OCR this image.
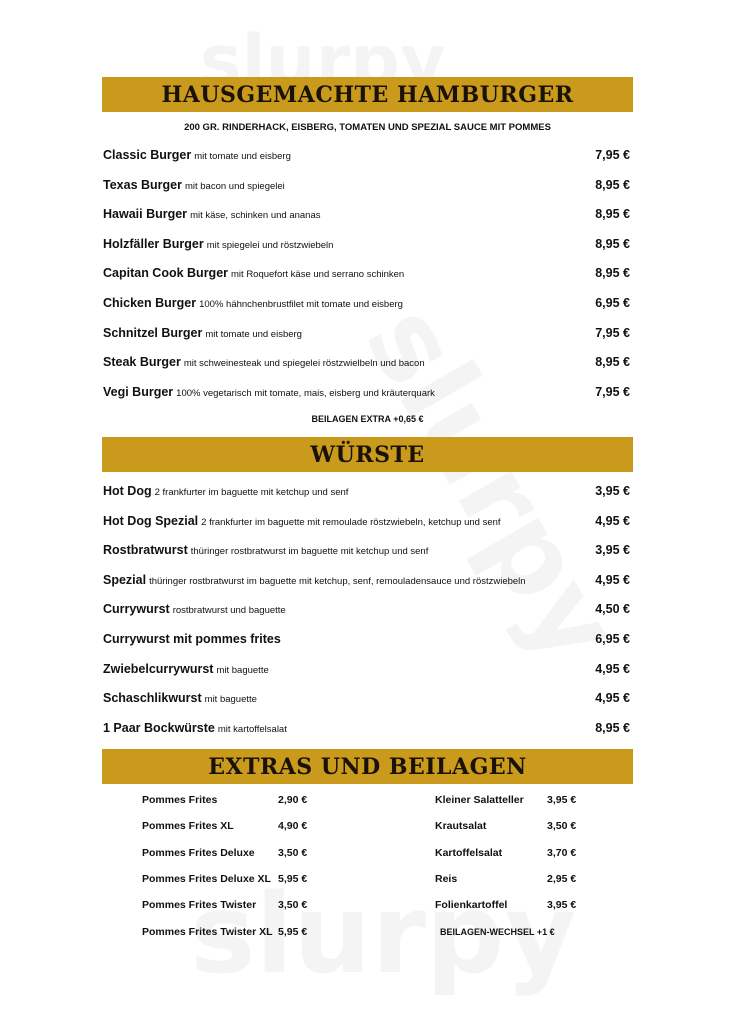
HAUSGEMACHTE HAMBURGER
200 GR. RINDERHACK, EISBERG, TOMATEN UND SPEZIAL SAUCE MIT POMMES
Classic Burger mit tomate und eisberg	7,95 €
Texas Burger mit bacon und spiegelei	8,95 €
Hawaii Burger mit käse, schinken und ananas	8,95 €
Holzfäller Burger mit spiegelei und röstzwiebeln	8,95 €
Capitan Cook Burger mit Roquefort käse und serrano schinken	8,95 €
Chicken Burger 100% hähnchenbrustfilet mit tomate und eisberg	6,95 €
Schnitzel Burger mit tomate und eisberg	7,95 €
Steak Burger mit schweinesteak und spiegelei röstzwielbeln und bacon	8,95 €
Vegi Burger 100% vegetarisch mit tomate, mais, eisberg und kräuterquark	7,95 €
BEILAGEN EXTRA +0,65 €
WÜRSTE
Hot Dog 2 frankfurter im baguette mit ketchup und senf	3,95 €
Hot Dog Spezial 2 frankfurter im baguette mit remoulade röstzwiebeln, ketchup und senf	4,95 €
Rostbratwurst thüringer rostbratwurst im baguette mit ketchup und senf	3,95 €
Spezial thüringer rostbratwurst im baguette mit ketchup, senf, remouladensauce und röstzwiebeln	4,95 €
Currywurst rostbratwurst und baguette	4,50 €
Currywurst mit pommes frites	6,95 €
Zwiebelcurrywurst mit baguette	4,95 €
Schaschlikwurst mit baguette	4,95 €
1 Paar Bockwürste mit kartoffelsalat	8,95 €
EXTRAS UND BEILAGEN
Pommes Frites	2,90 €
Pommes Frites XL	4,90 €
Pommes Frites Deluxe 3,50 €
Pommes Frites Deluxe XL 5,95 €
Pommes Frites Twister 3,50 €
Pommes Frites Twister XL 5,95 €
Kleiner Salatteller 3,95 €
Krautsalat	3,50 €
Kartoffelsalat	3,70 €
Reis	2,95 €
Folienkartoffel	3,95 €
BEILAGEN-WECHSEL +1 €
